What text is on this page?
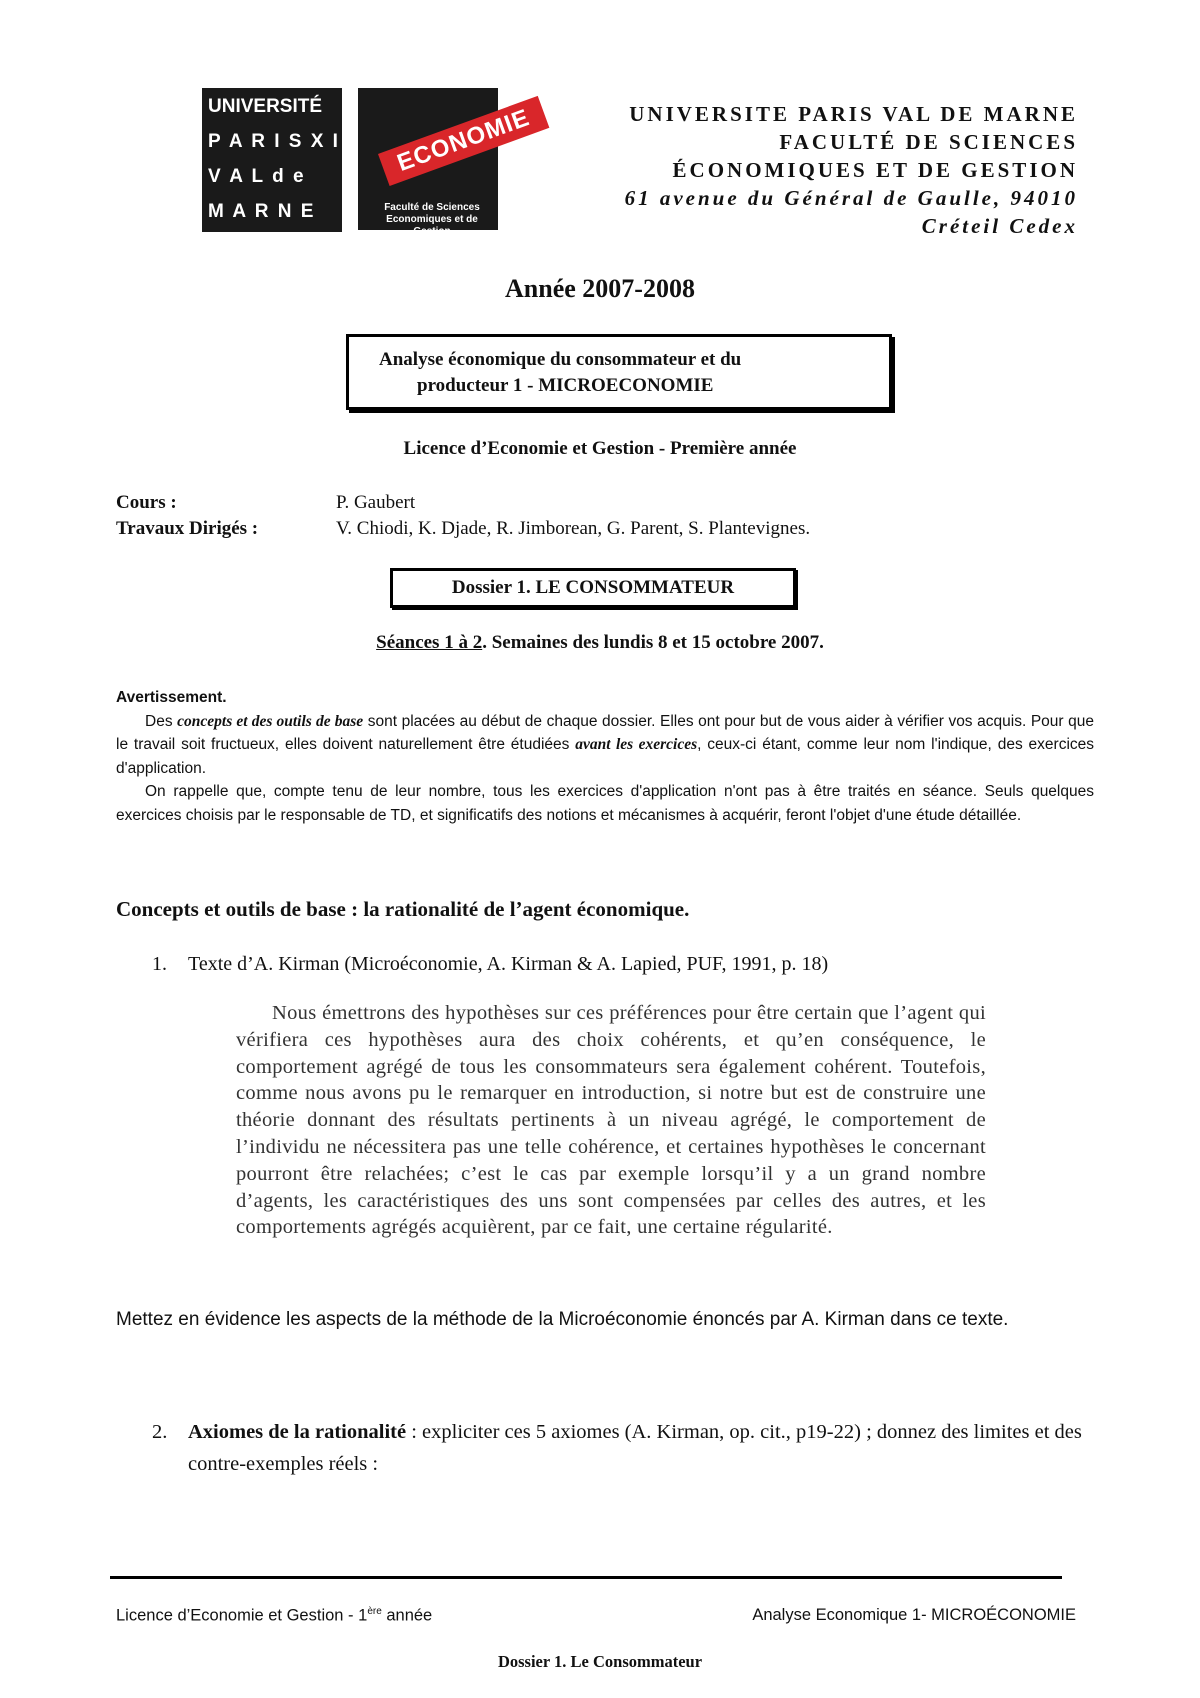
UNIVERSITÉ
P A R I S X I I
V A L d e
M A R N E
ECONOMIE
Faculté de Sciences
Economiques et de Gestion
UNIVERSITE PARIS VAL DE MARNE
FACULTÉ DE SCIENCES
ÉCONOMIQUES ET DE GESTION
61 avenue du Général de Gaulle, 94010
Créteil Cedex
Année 2007-2008
Analyse économique du consommateur et du
producteur 1 - MICROECONOMIE
Licence d’Economie et Gestion - Première année
Cours :	P. Gaubert
Travaux Dirigés :	V. Chiodi, K. Djade, R. Jimborean, G. Parent, S. Plantevignes.
Dossier 1. LE CONSOMMATEUR
Séances 1 à 2. Semaines des lundis 8 et 15 octobre 2007.
Avertissement.

Des concepts et des outils de base sont placées au début de chaque dossier. Elles ont pour but de vous aider à vérifier vos acquis. Pour que le travail soit fructueux, elles doivent naturellement être étudiées avant les exercices, ceux-ci étant, comme leur nom l'indique, des exercices d'application.

On rappelle que, compte tenu de leur nombre, tous les exercices d'application n'ont pas à être traités en séance. Seuls quelques exercices choisis par le responsable de TD, et significatifs des notions et mécanismes à acquérir, feront l'objet d'une étude détaillée.

Concepts et outils de base : la rationalité de l’agent économique.
1. Texte d’A. Kirman (Microéconomie, A. Kirman & A. Lapied, PUF, 1991, p. 18)

Nous émettrons des hypothèses sur ces préférences pour être certain que l’agent qui vérifiera ces hypothèses aura des choix cohérents, et qu’en conséquence, le comportement agrégé de tous les consommateurs sera également cohérent. Toutefois, comme nous avons pu le remarquer en introduction, si notre but est de construire une théorie donnant des résultats pertinents à un niveau agrégé, le comportement de l’individu ne nécessitera pas une telle cohérence, et certaines hypothèses le concernant pourront être relachées; c’est le cas par exemple lorsqu’il y a un grand nombre d’agents, les caractéristiques des uns sont compensées par celles des autres, et les comportements agrégés acquièrent, par ce fait, une certaine régularité.

Mettez en évidence les aspects de la méthode de la Microéconomie énoncés par A. Kirman dans ce texte.
2. Axiomes de la rationalité : expliciter ces 5 axiomes (A. Kirman, op. cit., p19-22) ; donnez des limites et des contre-exemples réels :
Licence d’Economie et Gestion - 1ère année	Analyse Economique 1- MICROÉCONOMIE
Dossier 1. Le Consommateur
